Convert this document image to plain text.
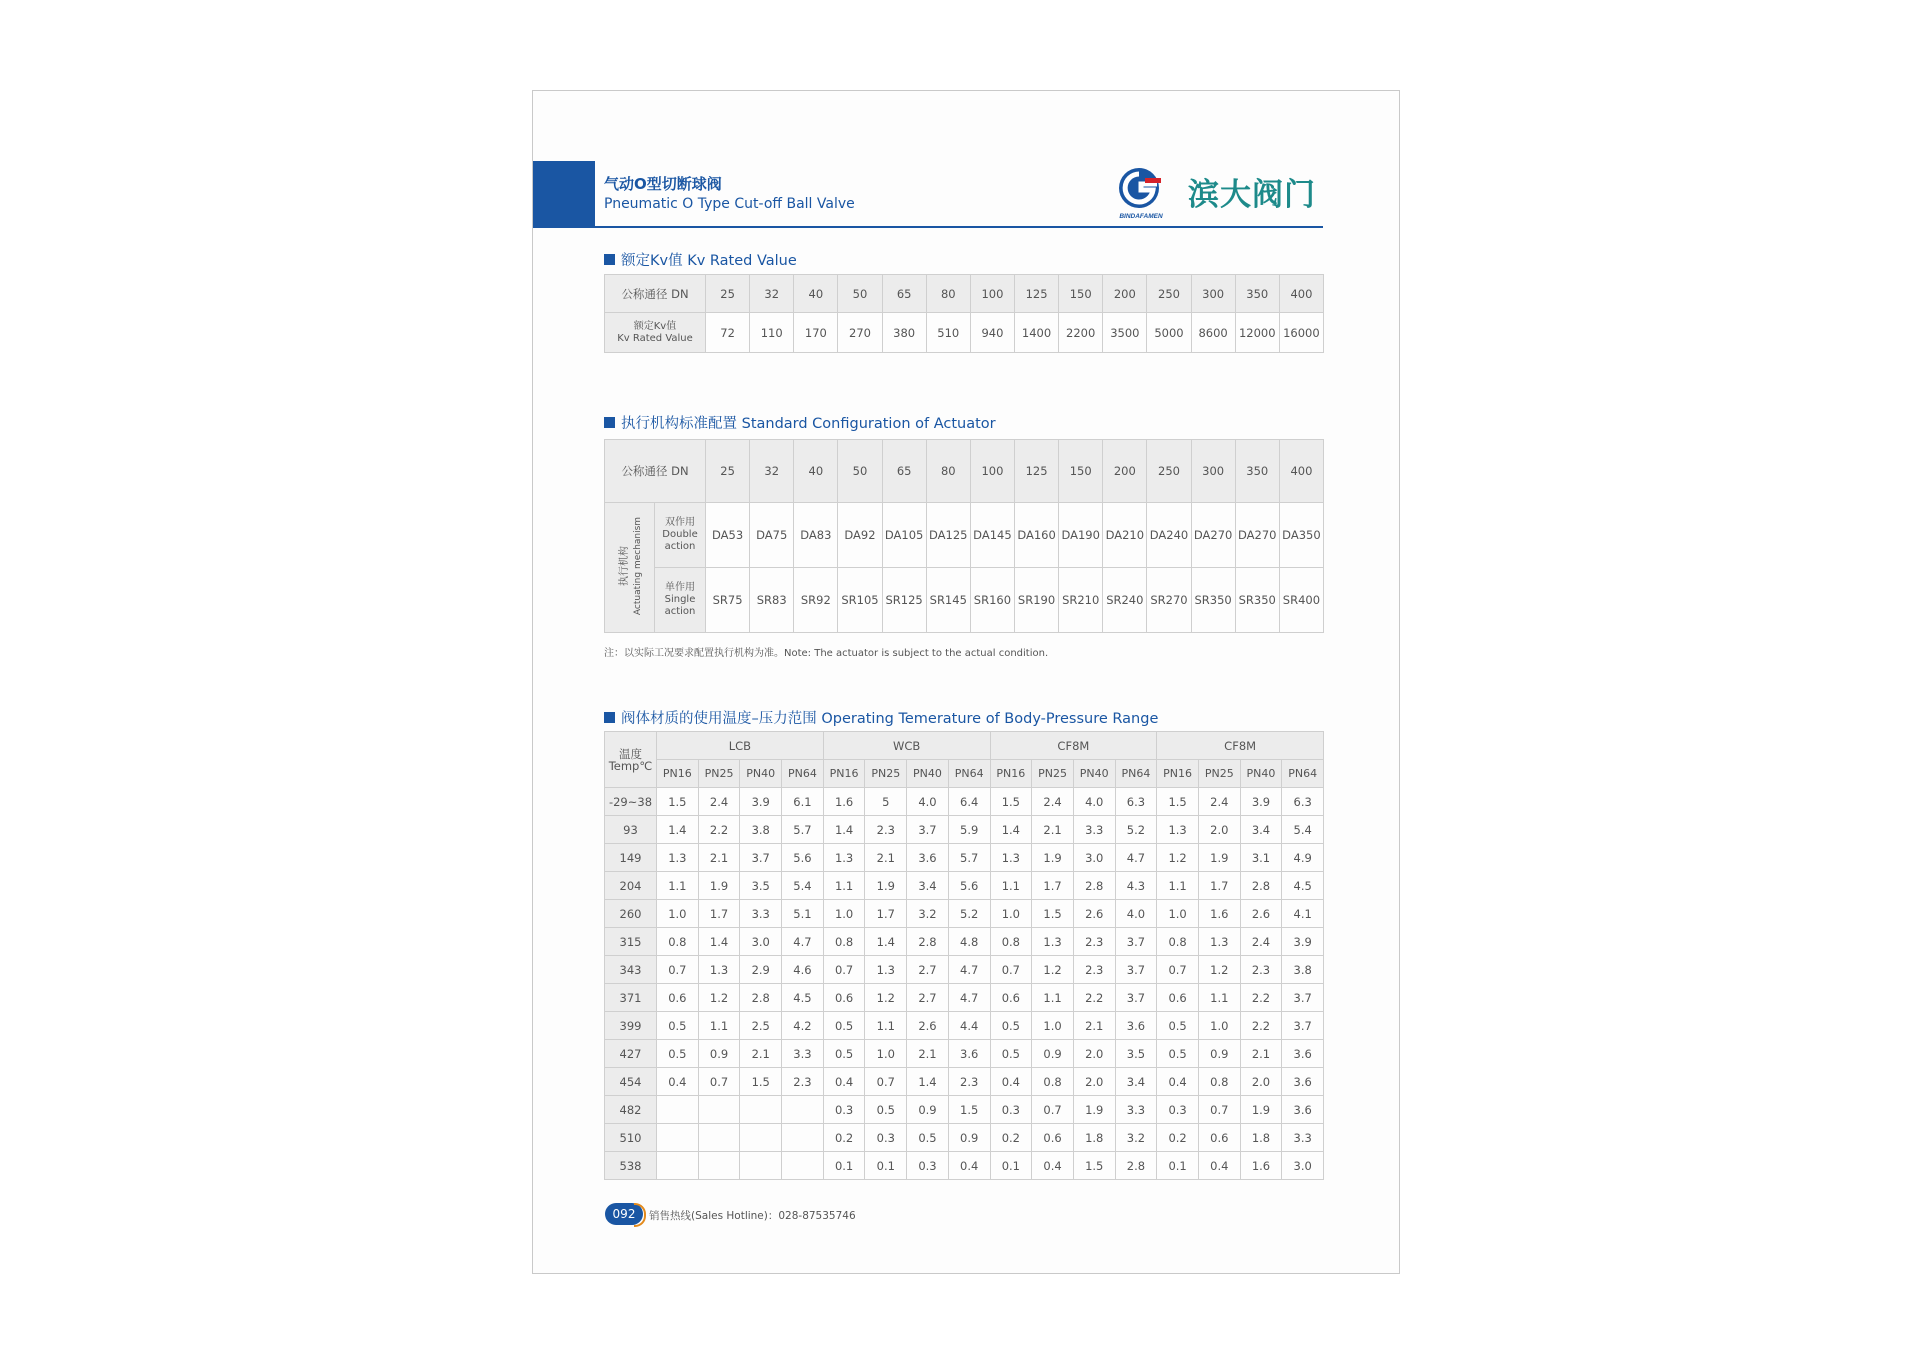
气动O型切断球阀
Pneumatic O Type Cut-off Ball Valve
BINDAFAMEN
滨大阀门
额定Kv值 Kv Rated Value
公称通径 DN	25	32	40	50	65	80	100	125	150	200	250	300	350	400
额定Kv值
Kv Rated Value	72	110	170	270	380	510	940	1400	2200	3500	5000	8600	12000	16000
执行机构标准配置 Standard Configuration of Actuator
公称通径 DN		25	32	40	50	65	80	100	125	150	200	250	300	350	400

执行机构 Actuating mechanism	双作用
Double action	DA53	DA75	DA83	DA92	DA105	DA125	DA145	DA160	DA190	DA210	DA240	DA270	DA270	DA350
	单作用
Single action	SR75	SR83	SR92	SR105	SR125	SR145	SR160	SR190	SR210	SR240	SR270	SR350	SR350	SR400
注：以实际工况要求配置执行机构为准。Note: The actuator is subject to the actual condition.
阀体材质的使用温度–压力范围 Operating Temerature of Body-Pressure Range
温度
Temp℃	LCB				WCB				CF8M				CF8M			
	PN16	PN25	PN40	PN64	PN16	PN25	PN40	PN64	PN16	PN25	PN40	PN64	PN16	PN25	PN40	PN64
-29~38	1.5	2.4	3.9	6.1	1.6	5	4.0	6.4	1.5	2.4	4.0	6.3	1.5	2.4	3.9	6.3
93	1.4	2.2	3.8	5.7	1.4	2.3	3.7	5.9	1.4	2.1	3.3	5.2	1.3	2.0	3.4	5.4
149	1.3	2.1	3.7	5.6	1.3	2.1	3.6	5.7	1.3	1.9	3.0	4.7	1.2	1.9	3.1	4.9
204	1.1	1.9	3.5	5.4	1.1	1.9	3.4	5.6	1.1	1.7	2.8	4.3	1.1	1.7	2.8	4.5
260	1.0	1.7	3.3	5.1	1.0	1.7	3.2	5.2	1.0	1.5	2.6	4.0	1.0	1.6	2.6	4.1
315	0.8	1.4	3.0	4.7	0.8	1.4	2.8	4.8	0.8	1.3	2.3	3.7	0.8	1.3	2.4	3.9
343	0.7	1.3	2.9	4.6	0.7	1.3	2.7	4.7	0.7	1.2	2.3	3.7	0.7	1.2	2.3	3.8
371	0.6	1.2	2.8	4.5	0.6	1.2	2.7	4.7	0.6	1.1	2.2	3.7	0.6	1.1	2.2	3.7
399	0.5	1.1	2.5	4.2	0.5	1.1	2.6	4.4	0.5	1.0	2.1	3.6	0.5	1.0	2.2	3.7
427	0.5	0.9	2.1	3.3	0.5	1.0	2.1	3.6	0.5	0.9	2.0	3.5	0.5	0.9	2.1	3.6
454	0.4	0.7	1.5	2.3	0.4	0.7	1.4	2.3	0.4	0.8	2.0	3.4	0.4	0.8	2.0	3.6
482					0.3	0.5	0.9	1.5	0.3	0.7	1.9	3.3	0.3	0.7	1.9	3.6
510					0.2	0.3	0.5	0.9	0.2	0.6	1.8	3.2	0.2	0.6	1.8	3.3
538					0.1	0.1	0.3	0.4	0.1	0.4	1.5	2.8	0.1	0.4	1.6	3.0
092	销售热线(Sales Hotline)：028-87535746
